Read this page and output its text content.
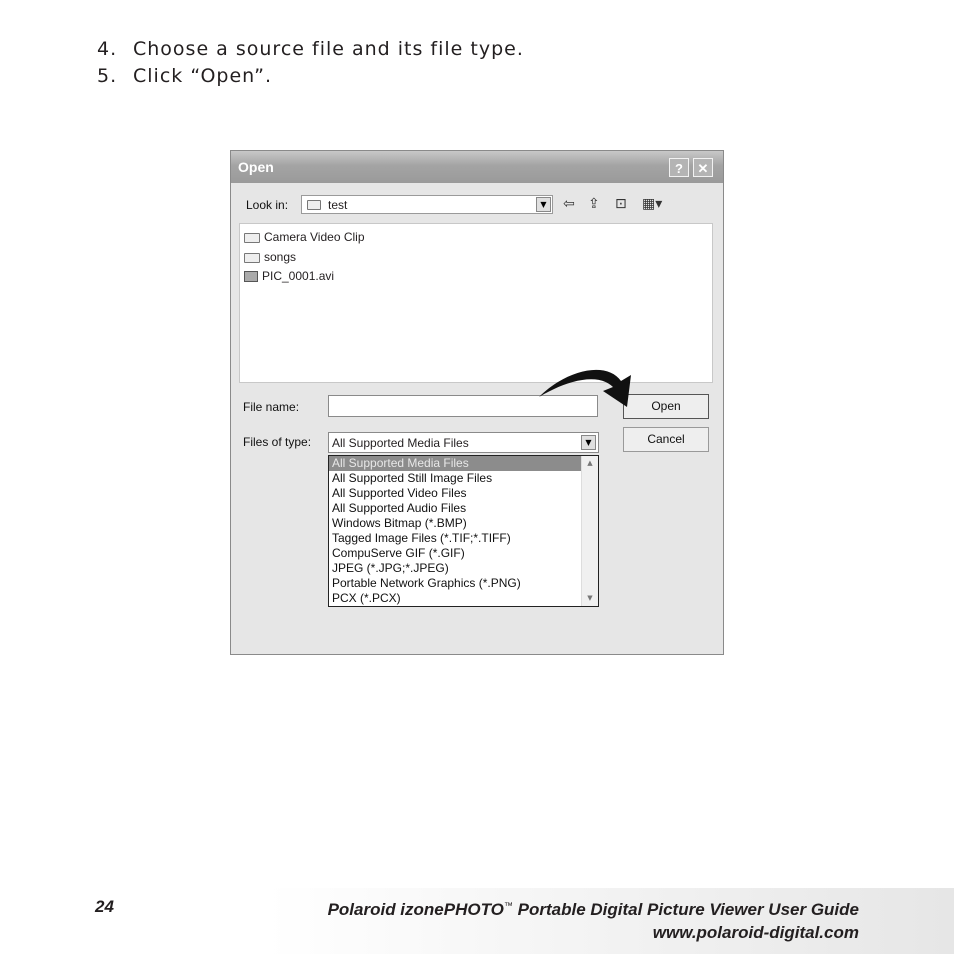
4. Choose a source file and its file type.
5. Click “Open”.
Open	?	✕
Look in:	test	▼	⇦ ⇪ ⊡ ▦▾
Camera Video Clip
songs
PIC_0001.avi
File name:	Open
Files of type: All Supported Media Files	▼	Cancel
All Supported Media Files
All Supported Still Image Files
All Supported Video Files
All Supported Audio Files
Windows Bitmap (*.BMP)
Tagged Image Files (*.TIF;*.TIFF)
CompuServe GIF (*.GIF)
JPEG (*.JPG;*.JPEG)
Portable Network Graphics (*.PNG)
PCX (*.PCX)
▲
▼
24	Polaroid izonePHOTO™ Portable Digital Picture Viewer User Guide
www.polaroid-digital.com
